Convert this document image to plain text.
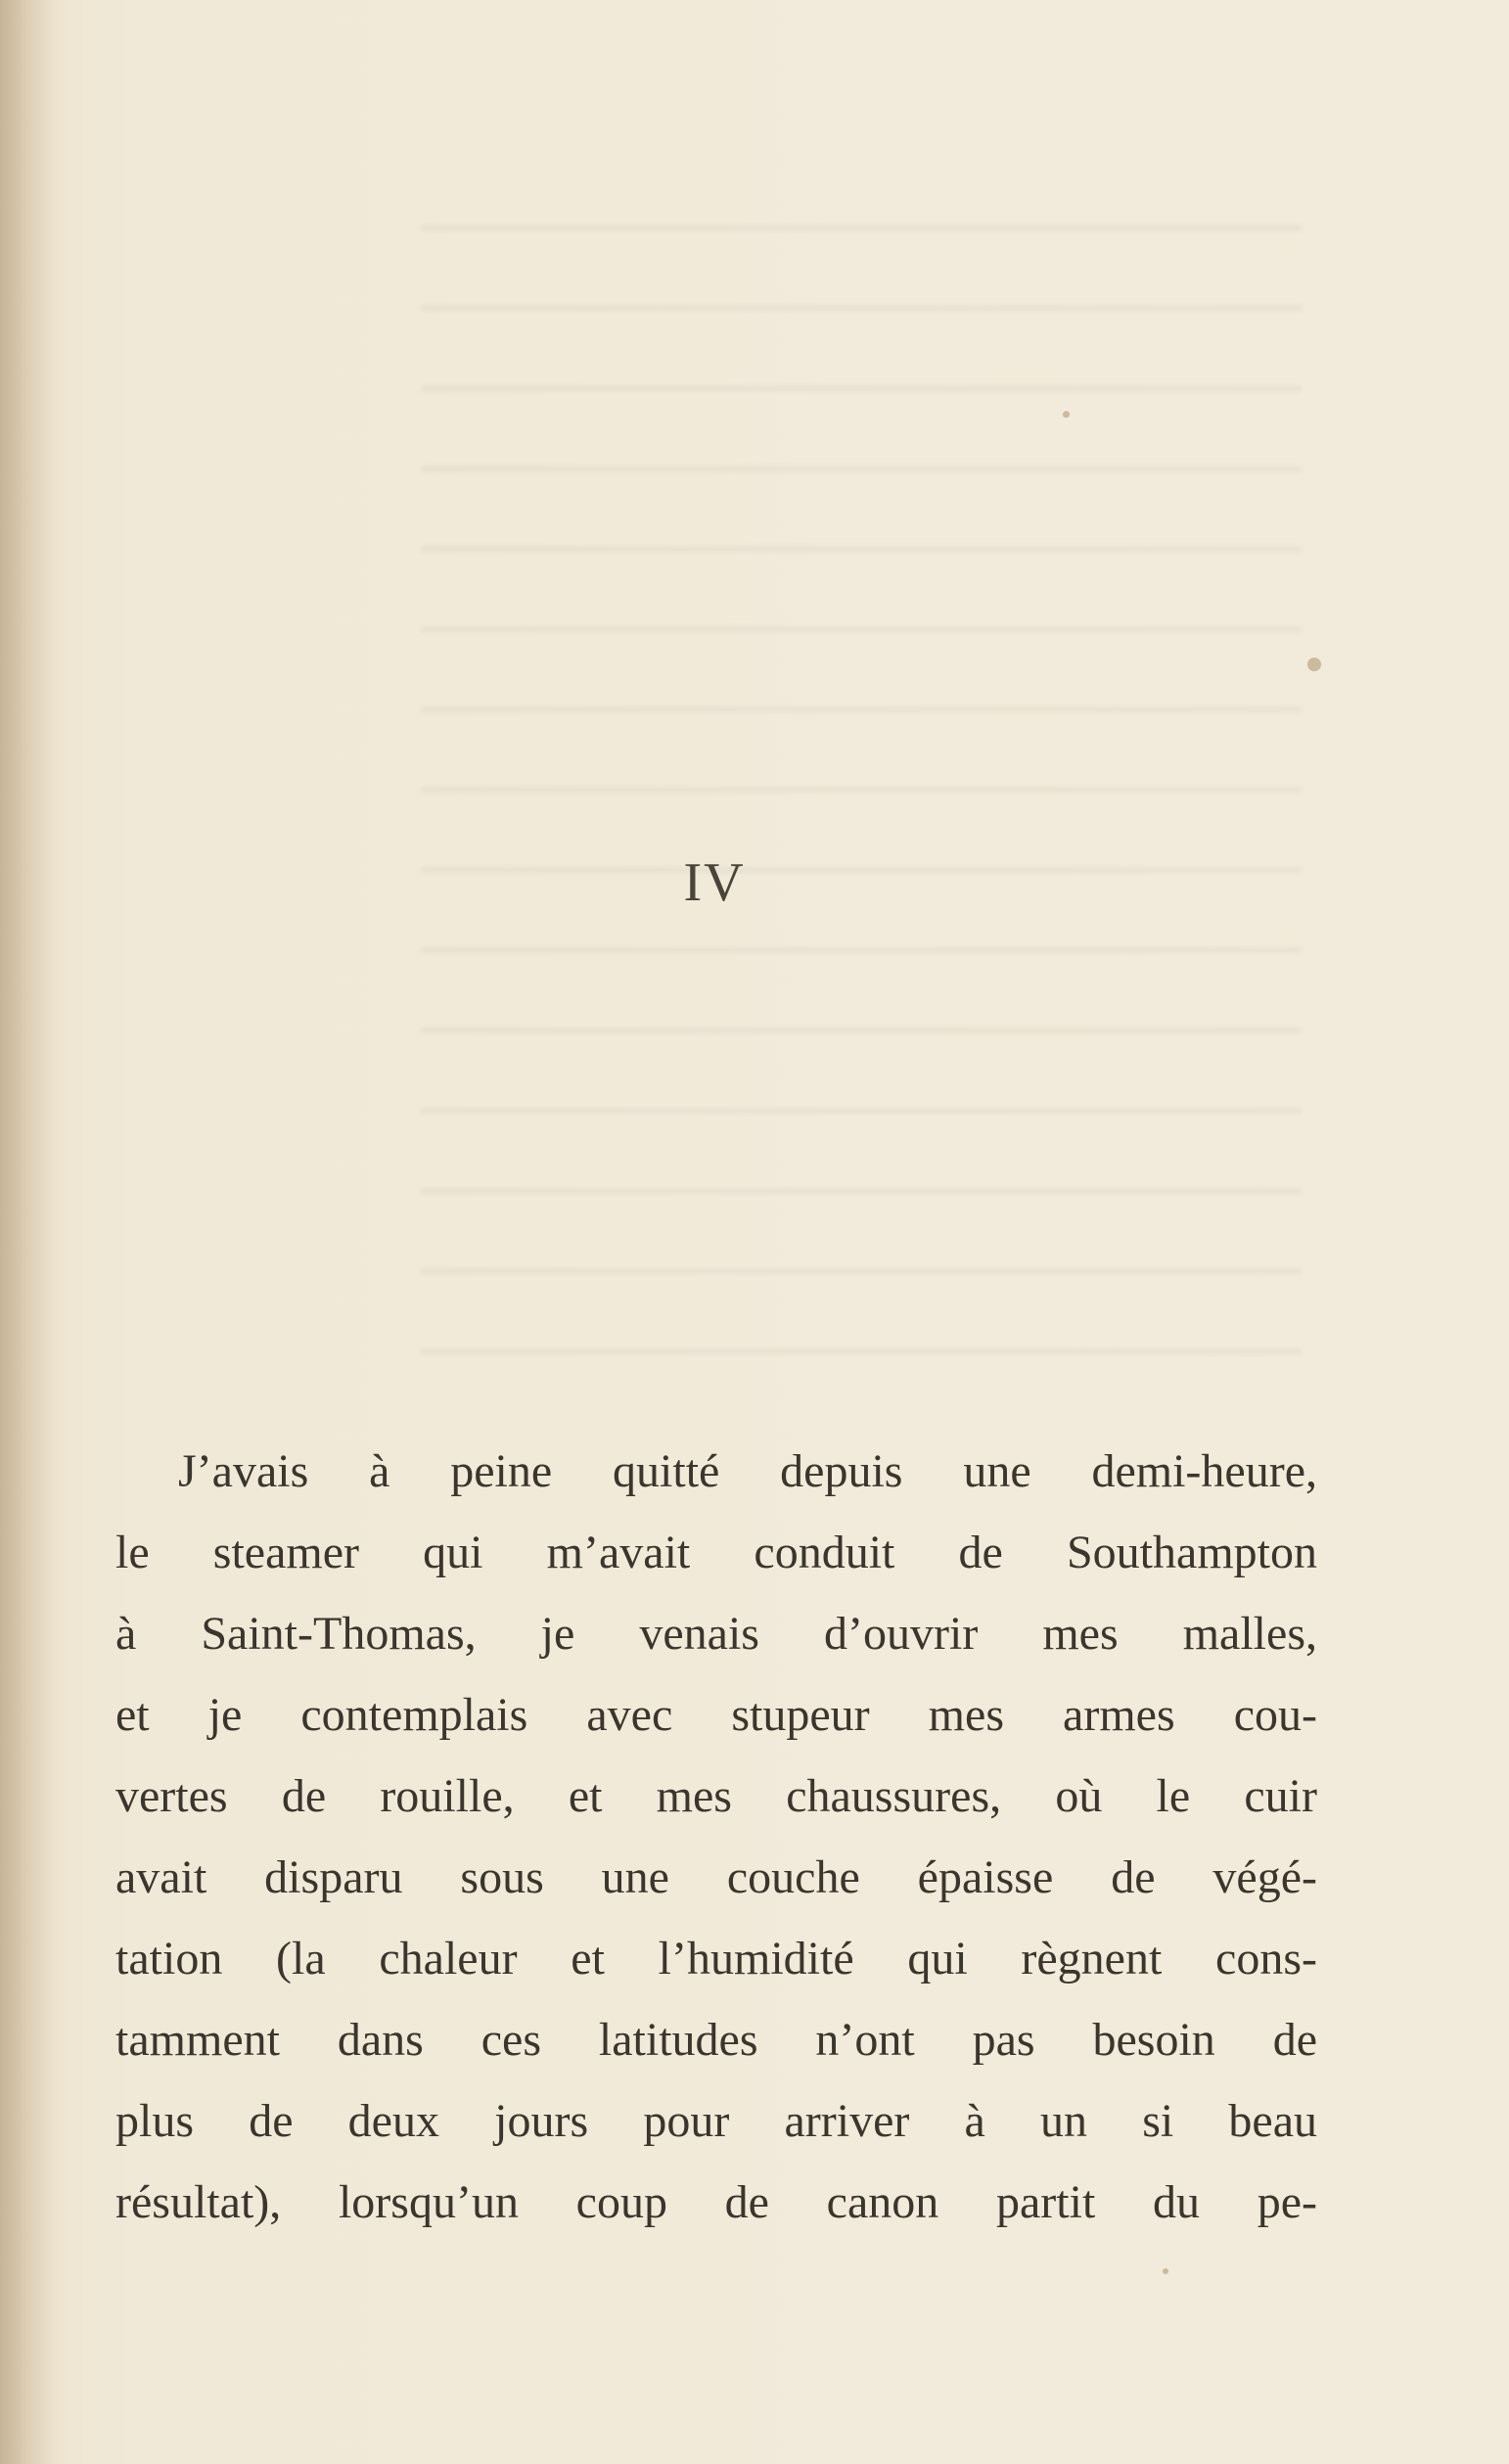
IV
J’avais à peine quitté depuis une demi-heure,
le steamer qui m’avait conduit de Southampton
à Saint-Thomas, je venais d’ouvrir mes malles,
et je contemplais avec stupeur mes armes cou-
vertes de rouille, et mes chaussures, où le cuir
avait disparu sous une couche épaisse de végé-
tation (la chaleur et l’humidité qui règnent cons-
tamment dans ces latitudes n’ont pas besoin de
plus de deux jours pour arriver à un si beau
résultat), lorsqu’un coup de canon partit du pe-
